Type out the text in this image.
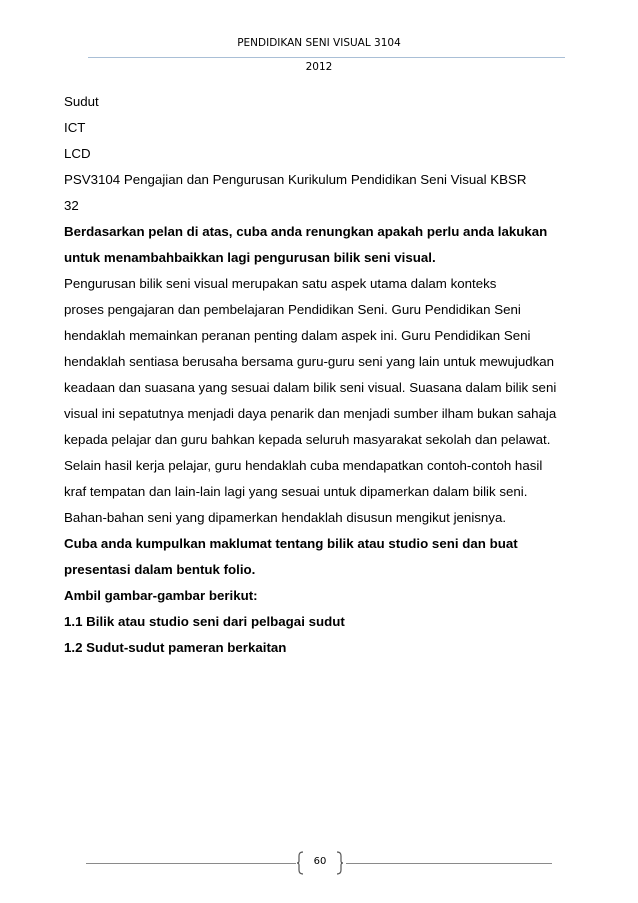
PENDIDIKAN SENI VISUAL 3104
2012
Sudut
ICT
LCD
PSV3104 Pengajian dan Pengurusan Kurikulum Pendidikan Seni Visual KBSR
32
Berdasarkan pelan di atas, cuba anda renungkan apakah perlu anda lakukan
untuk menambahbaikkan lagi pengurusan bilik seni visual.
Pengurusan bilik seni visual merupakan satu aspek utama dalam konteks
proses pengajaran dan pembelajaran Pendidikan Seni. Guru Pendidikan Seni
hendaklah memainkan peranan penting dalam aspek ini. Guru Pendidikan Seni
hendaklah sentiasa berusaha bersama guru-guru seni yang lain untuk mewujudkan
keadaan dan suasana yang sesuai dalam bilik seni visual. Suasana dalam bilik seni
visual ini sepatutnya menjadi daya penarik dan menjadi sumber ilham bukan sahaja
kepada pelajar dan guru bahkan kepada seluruh masyarakat sekolah dan pelawat.
Selain hasil kerja pelajar, guru hendaklah cuba mendapatkan contoh-contoh hasil
kraf tempatan dan lain-lain lagi yang sesuai untuk dipamerkan dalam bilik seni.
Bahan-bahan seni yang dipamerkan hendaklah disusun mengikut jenisnya.
Cuba anda kumpulkan maklumat tentang bilik atau studio seni dan buat
presentasi dalam bentuk folio.
Ambil gambar-gambar berikut:
1.1 Bilik atau studio seni dari pelbagai sudut
1.2 Sudut-sudut pameran berkaitan
60
